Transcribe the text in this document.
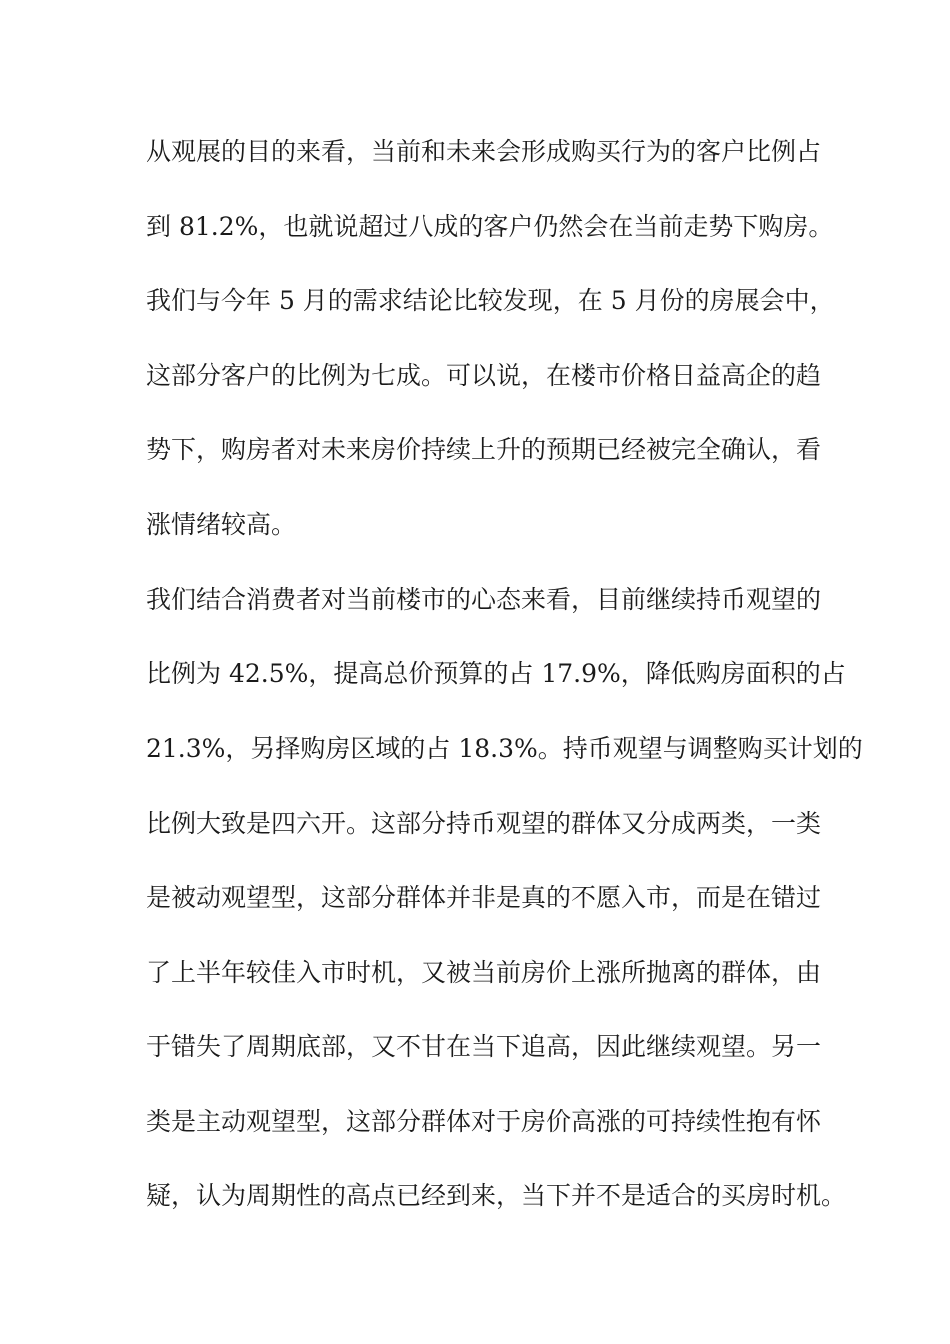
从观展的目的来看，当前和未来会形成购买行为的客户比例占
到 81.2%，也就说超过八成的客户仍然会在当前走势下购房。
我们与今年 5 月的需求结论比较发现，在 5 月份的房展会中，
这部分客户的比例为七成。可以说，在楼市价格日益高企的趋
势下，购房者对未来房价持续上升的预期已经被完全确认，看
涨情绪较高。
我们结合消费者对当前楼市的心态来看，目前继续持币观望的
比例为 42.5%，提高总价预算的占 17.9%，降低购房面积的占
21.3%，另择购房区域的占 18.3%。持币观望与调整购买计划的
比例大致是四六开。这部分持币观望的群体又分成两类，一类
是被动观望型，这部分群体并非是真的不愿入市，而是在错过
了上半年较佳入市时机，又被当前房价上涨所抛离的群体，由
于错失了周期底部，又不甘在当下追高，因此继续观望。另一
类是主动观望型，这部分群体对于房价高涨的可持续性抱有怀
疑，认为周期性的高点已经到来，当下并不是适合的买房时机。
